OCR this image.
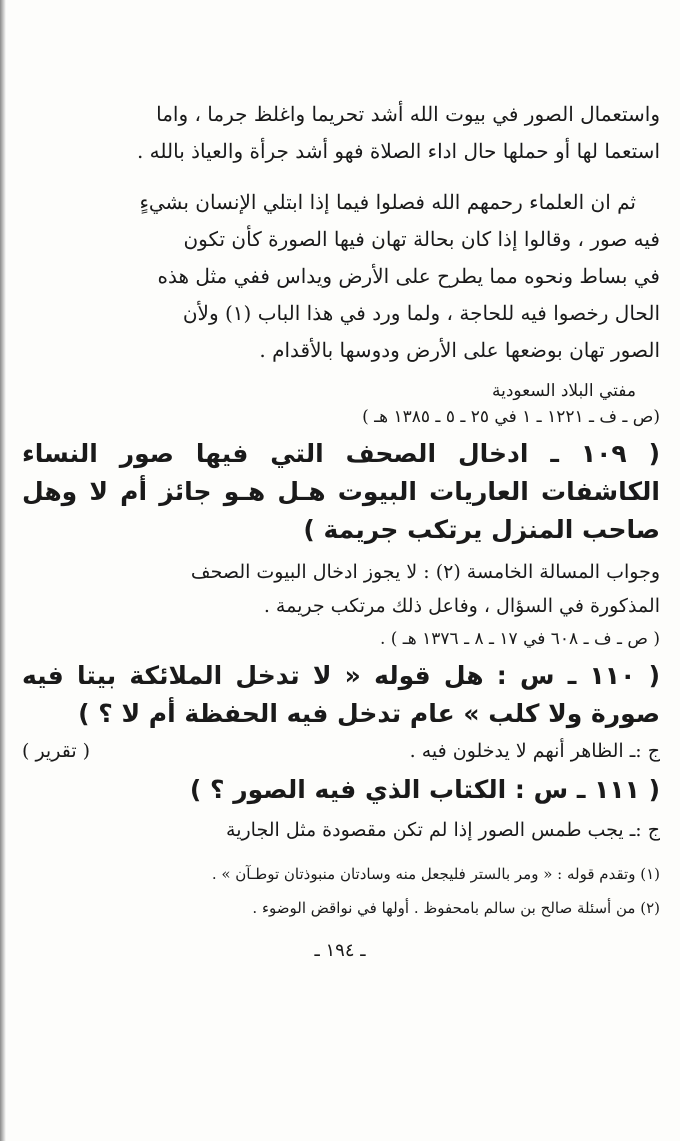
واستعمال الصور في بيوت الله أشد تحريما واغلظ جرما ، واما

استعما لها أو حملها حال اداء الصلاة فهو أشد جرأة والعياذ بالله .

ثم ان العلماء رحمهم الله فصلوا فيما إذا ابتلي الإنسان بشيءٍ

فيه صور ، وقالوا إذا كان بحالة تهان فيها الصورة كأن تكون

في بساط ونحوه مما يطرح على الأرض ويداس ففي مثل هذه

الحال رخصوا فيه للحاجة ، ولما ورد في هذا الباب (١) ولأن

الصور تهان بوضعها على الأرض ودوسها بالأقدام .

مفتي البلاد السعودية

(ص ـ ف ـ ١٢٢١ ـ ١ في ٢٥ ـ ٥ ـ ١٣٨٥ هـ )

( ١٠٩ ـ ادخال الصحف التي فيها صور النساء الكاشفات العاريات البيوت هـل هـو جائز أم لا وهل صاحب المنزل يرتكب جريمة )

وجواب المسالة الخامسة (٢) : لا يجوز ادخال البيوت الصحف

المذكورة في السؤال ، وفاعل ذلك مرتكب جريمة .

( ص ـ ف ـ ٦٠٨ في ١٧ ـ ٨ ـ ١٣٧٦ هـ ) .

( ١١٠ ـ س : هل قوله « لا تدخل الملائكة بيتا فيه صورة ولا كلب » عام تدخل فيه الحفظة أم لا ؟ )

ج :ـ الظاهر أنهم لا يدخلون فيه .
( تقرير )

( ١١١ ـ س : الكتاب الذي فيه الصور ؟ )

ج :ـ يجب طمس الصور إذا لم تكن مقصودة مثل الجارية

(١) وتقدم قوله : « ومر بالستر فليجعل منه وسادتان منبوذتان توطـآن » .

(٢) من أسئلة صالح بن سالم بامحفوظ . أولها في نواقض الوضوء .

ـ ١٩٤ ـ
